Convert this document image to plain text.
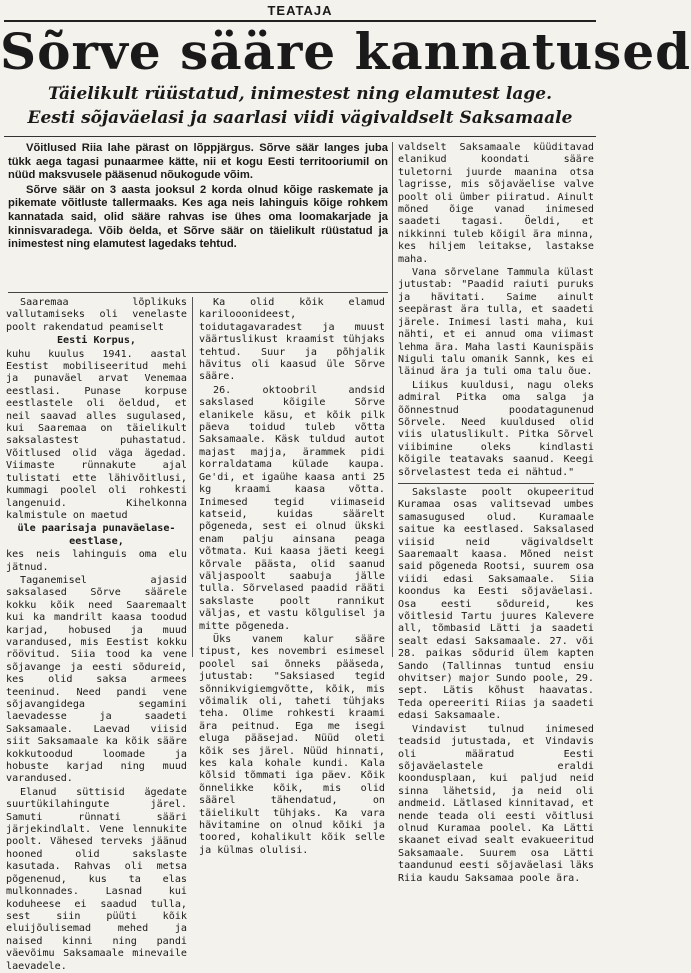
TEATAJA
Sõrve sääre kannatused
Täielikult rüüstatud, inimestest ning elamutest lage.
Eesti sõjaväelasi ja saarlasi viidi vägivaldselt Saksamaale

Võitlused Riia lahe pärast on lõppjärgus. Sõrve säär langes juba tükk aega tagasi punaarmee kätte, nii et kogu Eesti territooriumil on nüüd maksvusele pääsenud nõukogude võim.

Sõrve säär on 3 aasta jooksul 2 korda olnud kõige raskemate ja pikemate võitluste tallermaaks. Kes aga neis lahinguis kõige rohkem kannatada said, olid sääre rahvas ise ühes oma loomakarjade ja kinnisvaradega. Võib öelda, et Sõrve säär on täielikult rüüstatud ja inimestest ning elamutest lagedaks tehtud.

Saaremaa lõplikuks vallutamiseks oli venelaste poolt rakendatud peamiselt

Eesti Korpus,

kuhu kuulus 1941. aastal Eestist mobiliseeritud mehi ja punaväel arvat Venemaa eestlasi. Punase korpuse eestlastele oli öeldud, et neil saavad alles sugulased, kui Saaremaa on täielikult saksalastest puhastatud. Võitlused olid väga ägedad. Viimaste rünnakute ajal tulistati ette lähivõitlusi, kummagi poolel oli rohkesti langenuid. Kihelkonna kalmistule on maetud

üle paarisaja punaväelase-eestlase,

kes neis lahinguis oma elu jätnud.

Taganemisel ajasid saksalased Sõrve säärele kokku kõik need Saaremaalt kui ka mandrilt kaasa toodud karjad, hobused ja muud varandused, mis Eestist kokku röövitud. Siia tood ka vene sõjavange ja eesti sõdureid, kes olid saksa armees teeninud. Need pandi vene sõjavangidega segamini laevadesse ja saadeti Saksamaale. Laevad viisid siit Saksamaale ka kõik sääre kokkutoodud loomade ja hobuste karjad ning muud varandused.

Elanud süttisid ägedate suurtükilahingute järel. Samuti rünnati sääri järjekindlalt. Vene lennukite poolt. Vähesed terveks jäänud hooned olid sakslaste kasutada. Rahvas oli metsa põgenenud, kus ta elas mulkonnades. Lasnad kui koduheese ei saadud tulla, sest siin püüti kõik eluijõulisemad mehed ja naised kinni ning pandi väevõimu Saksamaale minevaile laevadele.

Ka olid kõik elamud karilooonideest, toidutagavaradest ja muust väärtuslikust kraamist tühjaks tehtud. Suur ja põhjalik hävitus oli kaasud üle Sõrve sääre.

26. oktoobril andsid sakslased kõigile Sõrve elanikele käsu, et kõik pilk päeva toidud tuleb võtta Saksamaale. Käsk tuldud autot majast majja, ärammek pidi korraldatama külade kaupa. Ge'di, et igaühe kaasa anti 25 kg kraami kaasa võtta. Inimesed tegid viimaseid katseid, kuidas säärelt põgeneda, sest ei olnud ükski enam palju ainsana peaga võtmata. Kui kaasa jäeti keegi kõrvale päästa, olid saanud väljaspoolt saabuja jälle tulla. Sõrvelased paadid rääti sakslaste poolt rannikut väljas, et vastu kõlgulisel ja mitte põgeneda.

Üks vanem kalur sääre tipust, kes novembri esimesel poolel sai õnneks pääseda, jutustab: "Saksiased tegid sõnnikvigiemgvõtte, kõik, mis võimalik oli, taheti tühjaks teha. Olime rohkesti kraami ära peitnud. Ega me isegi eluga pääsejad. Nüüd oleti kõik ses järel. Nüüd hinnati, kes kala kohale kundi. Kala kõlsid tõmmati iga päev. Kõik õnnelikke kõik, mis olid säärel tähendatud, on täielikult tühjaks. Ka vara hävitamine on olnud kõiki ja toored, kohalikult kõik selle ja külmas olulisi.

valdselt Saksamaale küüditavad elanikud koondati sääre tuletorni juurde maanina otsa lagrisse, mis sõjaväelise valve poolt oli ümber piiratud. Ainult mõned õige vanad inimesed saadeti tagasi. Öeldi, et nikkinni tuleb kõigil ära minna, kes hiljem leitakse, lastakse maha.

Vana sõrvelane Tammula külast jutustab: "Paadid raiuti puruks ja hävitati. Saime ainult seepärast ära tulla, et saadeti järele. Inimesi lasti maha, kui nähti, et ei annud oma viimast lehma ära. Maha lasti Kaunispäis Niguli talu omanik Sannk, kes ei läinud ära ja tuli oma talu õue.

Liikus kuuldusi, nagu oleks admiral Pitka oma salga ja õõnnestnud poodatagunenud Sõrvele. Need kuuldused olid viis ulatuslikult. Pitka Sõrvel viibimine oleks kindlasti kõigile teatavaks saanud. Keegi sõrvelastest teda ei nähtud."

Sakslaste poolt okupeeritud Kuramaa osas valitsevad umbes samasugused olud. Kuramaale saitue ka eestlased. Saksalased viisid neid vägivaldselt Saaremaalt kaasa. Mõned neist said põgeneda Rootsi, suurem osa viidi edasi Saksamaale. Siia koondus ka Eesti sõjaväelasi. Osa eesti sõdureid, kes võitlesid Tartu juures Kalevere all, tõmbasid Lätti ja saadeti sealt edasi Saksamaale. 27. või 28. paikas sõdurid ülem kapten Sando (Tallinnas tuntud ensiu ohvitser) major Sundo poole, 29. sept. Lätis kõhust haavatas. Teda opereeriti Riias ja saadeti edasi Saksamaale.

Vindavist tulnud inimesed teadsid jutustada, et Vindavis oli määratud Eesti sõjaväelastele eraldi koondusplaan, kui paljud neid sinna lähetsid, ja neid oli andmeid. Lätlased kinnitavad, et nende teada oli eesti võitlusi olnud Kuramaa poolel. Ka Lätti skaanet eivad sealt evakueeritud Saksamaale. Suurem osa Lätti taandunud eesti sõjaväelasi läks Riia kaudu Saksamaa poole ära.
